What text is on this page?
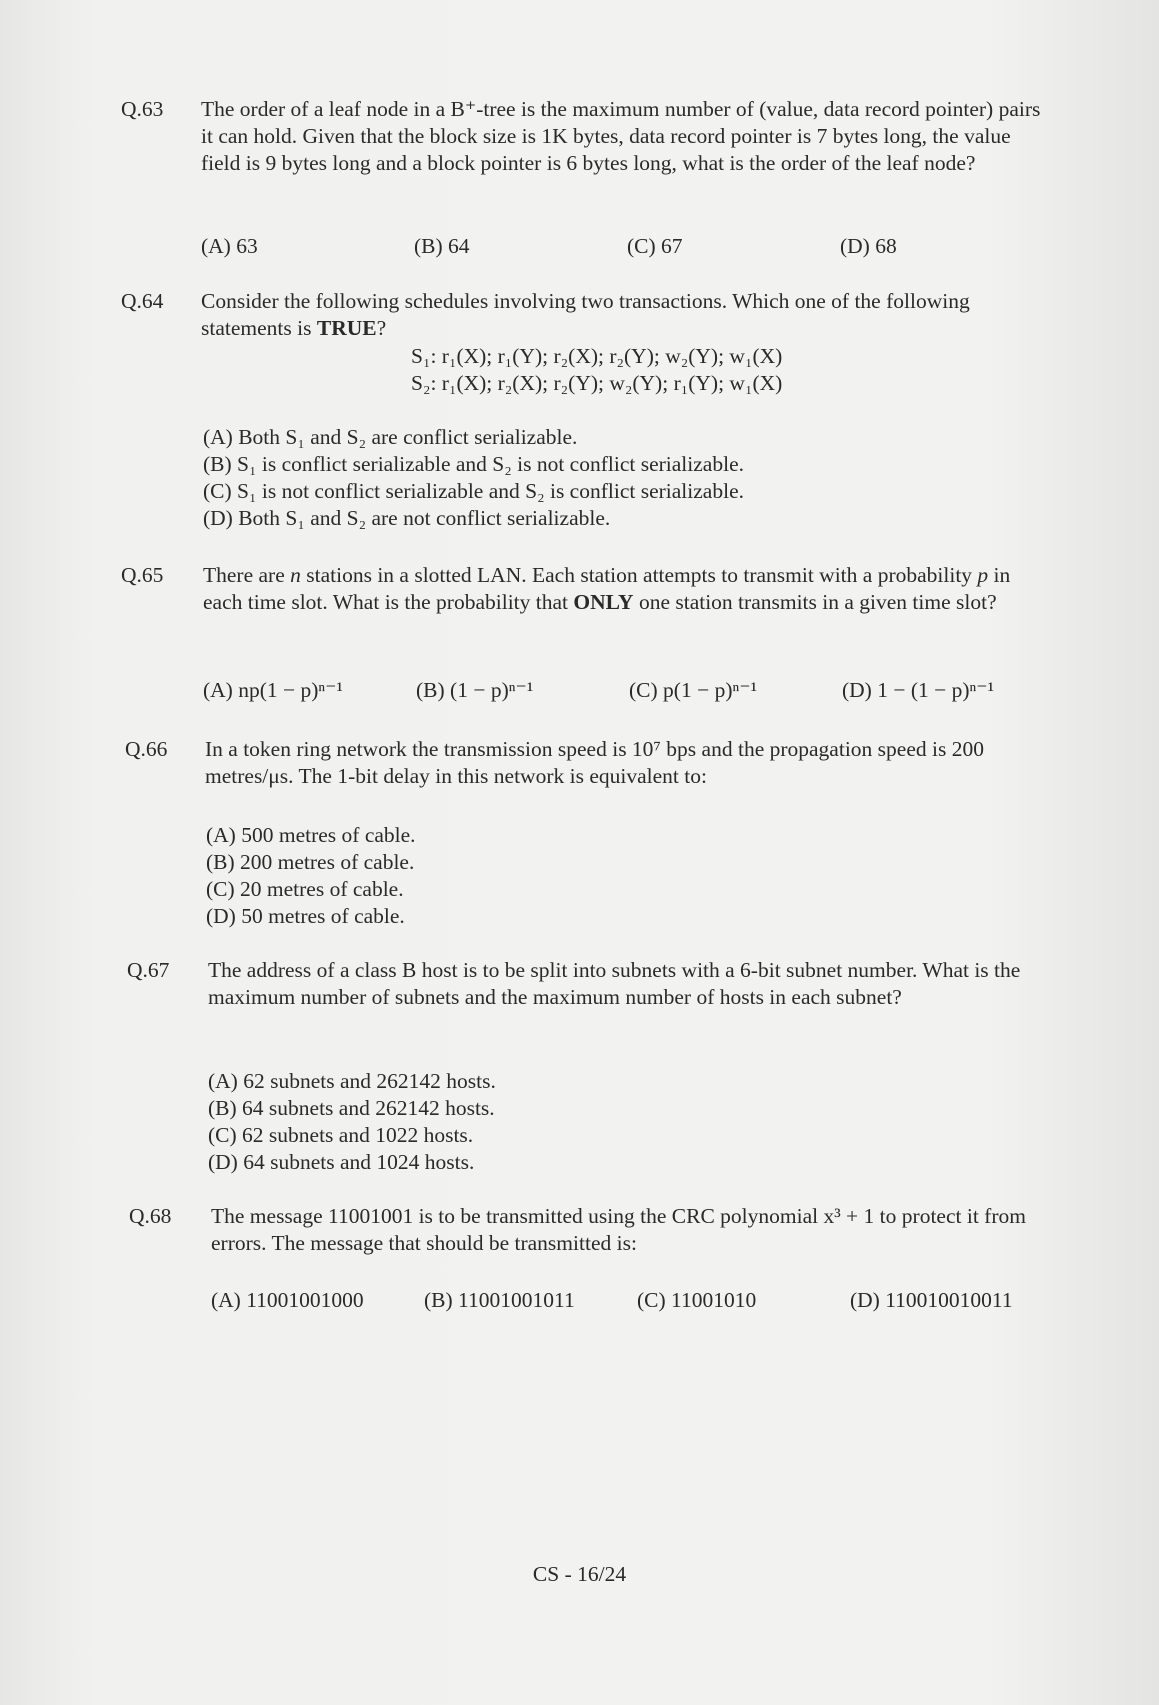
Q.63	The order of a leaf node in a B⁺-tree is the maximum number of (value, data record pointer) pairs it can hold. Given that the block size is 1K bytes, data record pointer is 7 bytes long, the value field is 9 bytes long and a block pointer is 6 bytes long, what is the order of the leaf node?
(A) 63	(B) 64	(C) 67	(D) 68
Q.64	Consider the following schedules involving two transactions. Which one of the following statements is TRUE?
S₁: r₁(X); r₁(Y); r₂(X); r₂(Y); w₂(Y); w₁(X)
S₂: r₁(X); r₂(X); r₂(Y); w₂(Y); r₁(Y); w₁(X)
(A) Both S₁ and S₂ are conflict serializable.
(B) S₁ is conflict serializable and S₂ is not conflict serializable.
(C) S₁ is not conflict serializable and S₂ is conflict serializable.
(D) Both S₁ and S₂ are not conflict serializable.
Q.65	There are n stations in a slotted LAN. Each station attempts to transmit with a probability p in each time slot. What is the probability that ONLY one station transmits in a given time slot?
(A) np(1 − p)ⁿ⁻¹	(B) (1 − p)ⁿ⁻¹	(C) p(1 − p)ⁿ⁻¹	(D) 1 − (1 − p)ⁿ⁻¹
Q.66	In a token ring network the transmission speed is 10⁷ bps and the propagation speed is 200 metres/μs. The 1-bit delay in this network is equivalent to:
(A) 500 metres of cable.
(B) 200 metres of cable.
(C) 20 metres of cable.
(D) 50 metres of cable.
Q.67	The address of a class B host is to be split into subnets with a 6-bit subnet number. What is the maximum number of subnets and the maximum number of hosts in each subnet?
(A) 62 subnets and 262142 hosts.
(B) 64 subnets and 262142 hosts.
(C) 62 subnets and 1022 hosts.
(D) 64 subnets and 1024 hosts.
Q.68	The message 11001001 is to be transmitted using the CRC polynomial x³ + 1 to protect it from errors. The message that should be transmitted is:
(A) 11001001000	(B) 11001001011	(C) 11001010	(D) 110010010011
CS - 16/24
